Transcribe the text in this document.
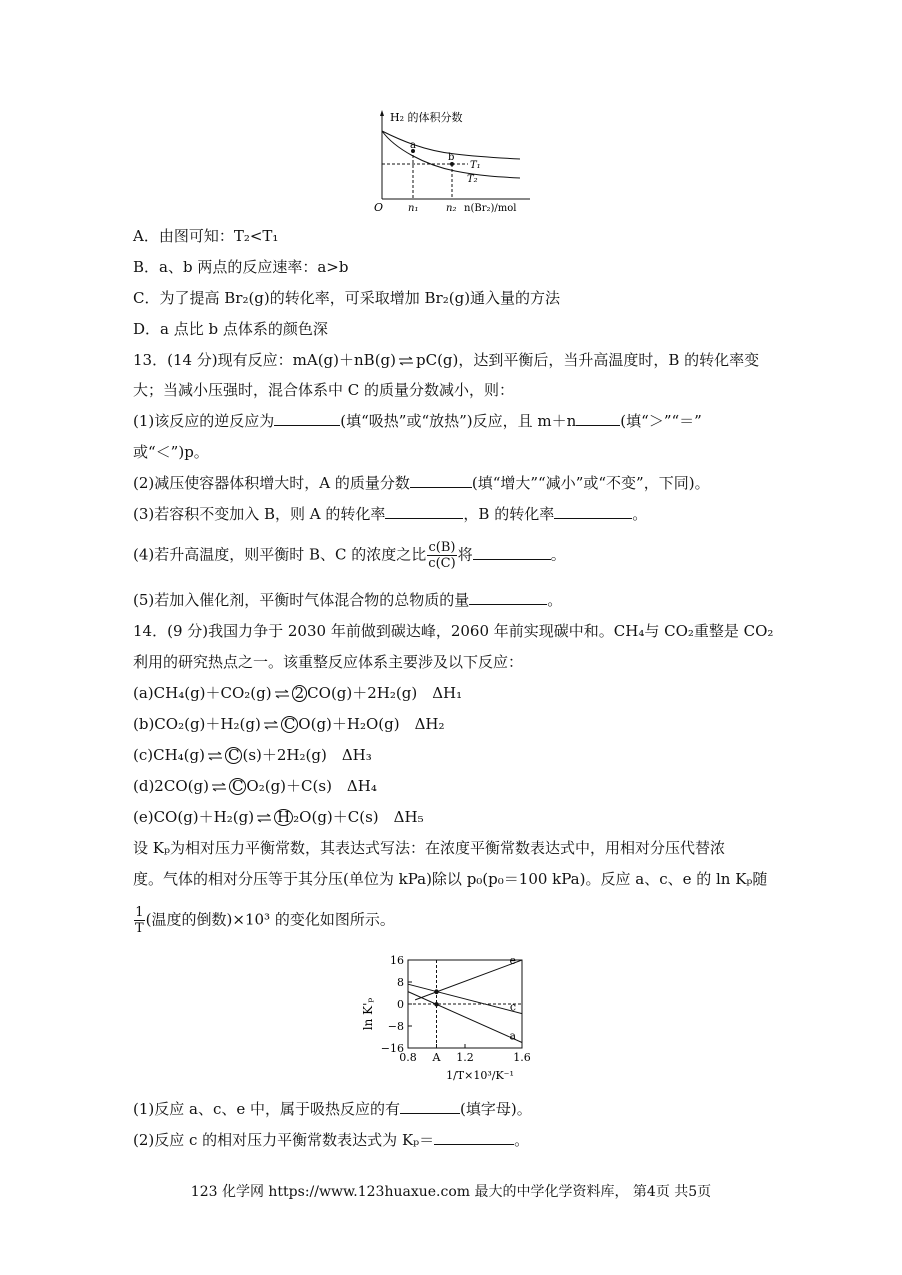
H₂ 的体积分数
a
b
T₁
T₂
O n₁	n₂ n(Br₂)/mol
A．由图可知：T₂<T₁
B．a、b 两点的反应速率：a>b
C．为了提高 Br₂(g)的转化率，可采取增加 Br₂(g)通入量的方法
D．a 点比 b 点体系的颜色深
13．(14 分)现有反应：mA(g)＋nB(g) ⇌ pC(g)，达到平衡后，当升高温度时，B 的转化率变
大；当减小压强时，混合体系中 C 的质量分数减小，则：
(1)该反应的逆反应为	(填“吸热”或“放热”)反应，且 m＋n	(填“＞”“＝”
或“＜”)p。
(2)减压使容器体积增大时，A 的质量分数	(填“增大”“减小”或“不变”，下同)。
(3)若容积不变加入 B，则 A 的转化率	，B 的转化率	。
(4)若升高温度，则平衡时 B、C 的浓度之比 $\frac{c(B)}{c(C)}$ 将	。
(5)若加入催化剂，平衡时气体混合物的总物质的量	。
14．(9 分)我国力争于 2030 年前做到碳达峰，2060 年前实现碳中和。CH₄与 CO₂重整是 CO₂
利用的研究热点之一。该重整反应体系主要涉及以下反应：
(a)CH₄(g)＋CO₂(g) ⇌ 2 CO(g)＋2H₂(g)　ΔH₁
(b)CO₂(g)＋H₂(g) ⇌ C O(g)＋H₂O(g)　ΔH₂
(c)CH₄(g) ⇌ C (s)＋2H₂(g)　ΔH₃
(d)2CO(g) ⇌ C O₂(g)＋C(s)　ΔH₄
(e)CO(g)＋H₂(g) ⇌ H ₂O(g)＋C(s)　ΔH₅
设 Kₚ为相对压力平衡常数，其表达式写法：在浓度平衡常数表达式中，用相对分压代替浓
度。气体的相对分压等于其分压(单位为 kPa)除以 p₀(p₀＝100 kPa)。反应 a、c、e 的 ln Kₚ随
$\frac{1}{T}$ (温度的倒数)×10³ 的变化如图所示。
ln K'ₚ
1/T×10³/K⁻¹
16
8
0
−8
−16
0.8 A 1.2	1.6
e
c
a
(1)反应 a、c、e 中，属于吸热反应的有	(填字母)。
(2)反应 c 的相对压力平衡常数表达式为 Kₚ＝	。
123 化学网 https://www.123huaxue.com 最大的中学化学资料库， 第4页 共5页
